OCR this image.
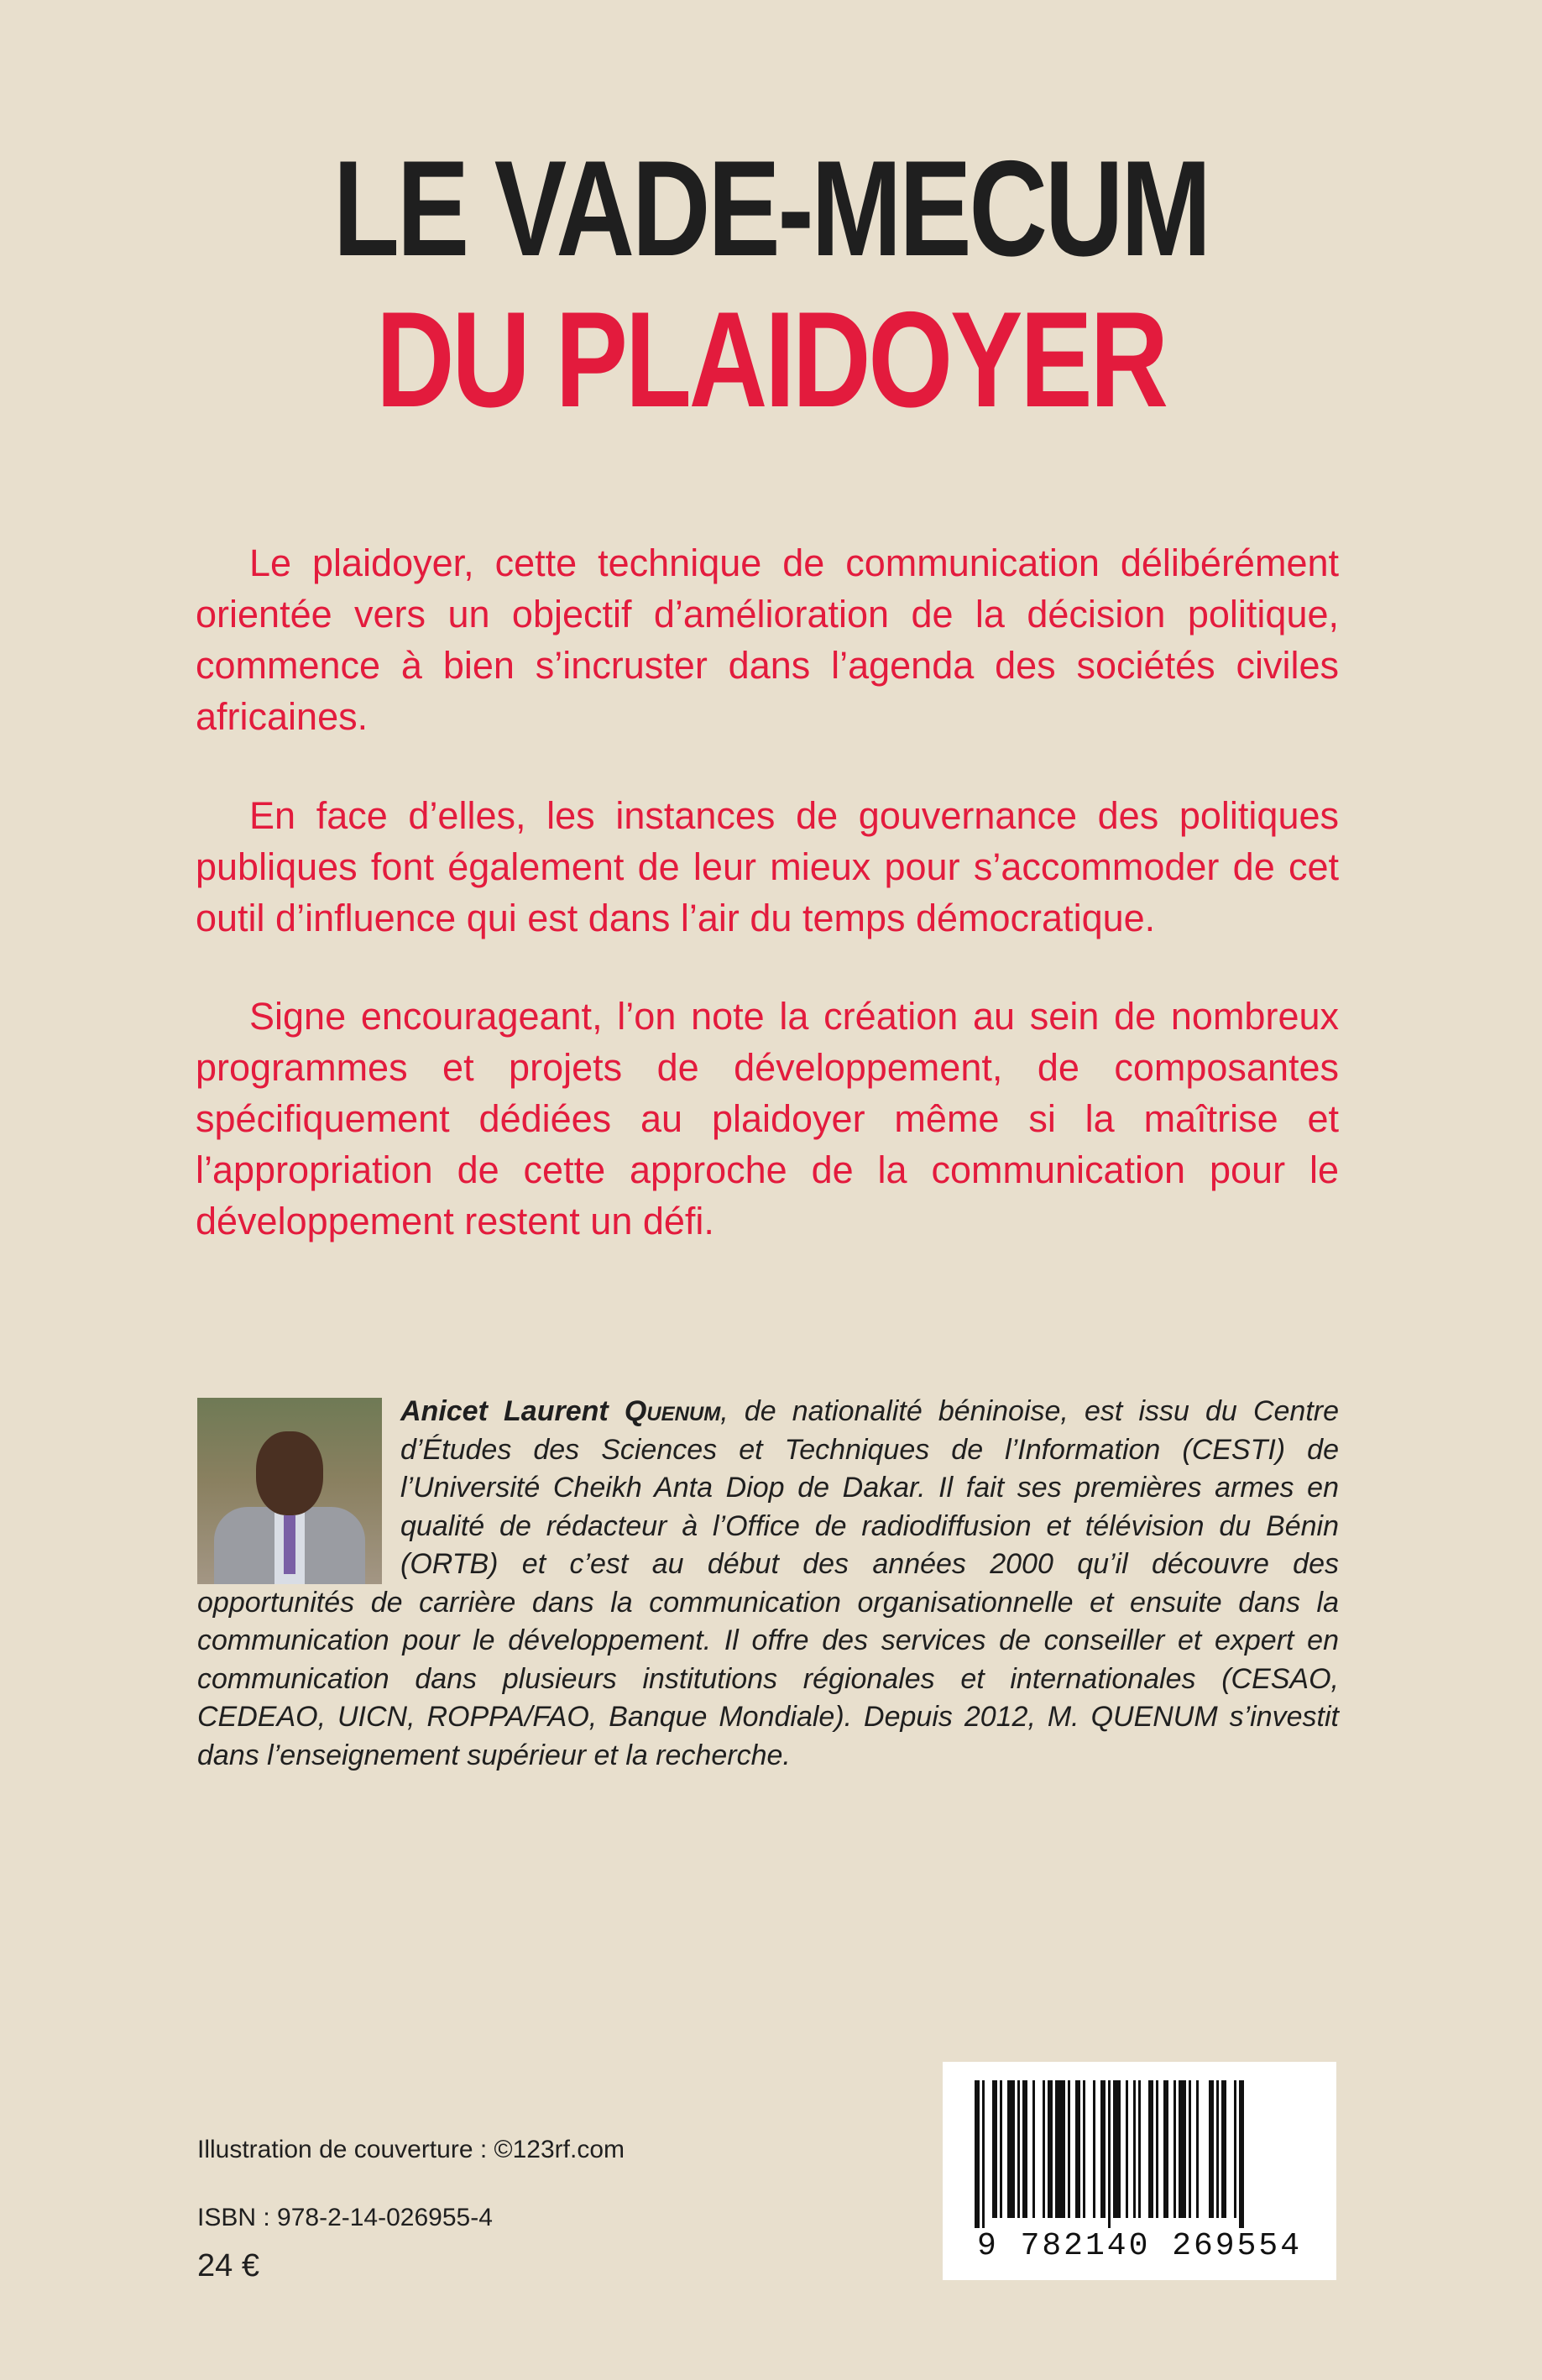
LE VADE-MECUM
DU PLAIDOYER

Le plaidoyer, cette technique de communication délibérément orientée vers un objectif d’amélioration de la décision politique, commence à bien s’incruster dans l’agenda des sociétés civiles africaines.

En face d’elles, les instances de gouvernance des politiques publiques font également de leur mieux pour s’accommoder de cet outil d’influence qui est dans l’air du temps démocratique.

Signe encourageant, l’on note la création au sein de nombreux programmes et projets de développement, de composantes spécifiquement dédiées au plaidoyer même si la maîtrise et l’appropriation de cette approche de la communication pour le développement restent un défi.

Anicet Laurent Quenum, de nationalité béninoise, est issu du Centre d’Études des Sciences et Techniques de l’Information (CESTI) de l’Université Cheikh Anta Diop de Dakar. Il fait ses premières armes en qualité de rédacteur à l’Office de radiodiffusion et télévision du Bénin (ORTB) et c’est au début des années 2000 qu’il découvre des opportunités de carrière dans la communication organisationnelle et ensuite dans la communication pour le développement. Il offre des services de conseiller et expert en communication dans plusieurs institutions régionales et internationales (CESAO, CEDEAO, UICN, ROPPA/FAO, Banque Mondiale). Depuis 2012, M. QUENUM s’investit dans l’enseignement supérieur et la recherche.
Illustration de couverture : ©123rf.com
ISBN : 978-2-14-026955-4
24 €
9 782140 269554
